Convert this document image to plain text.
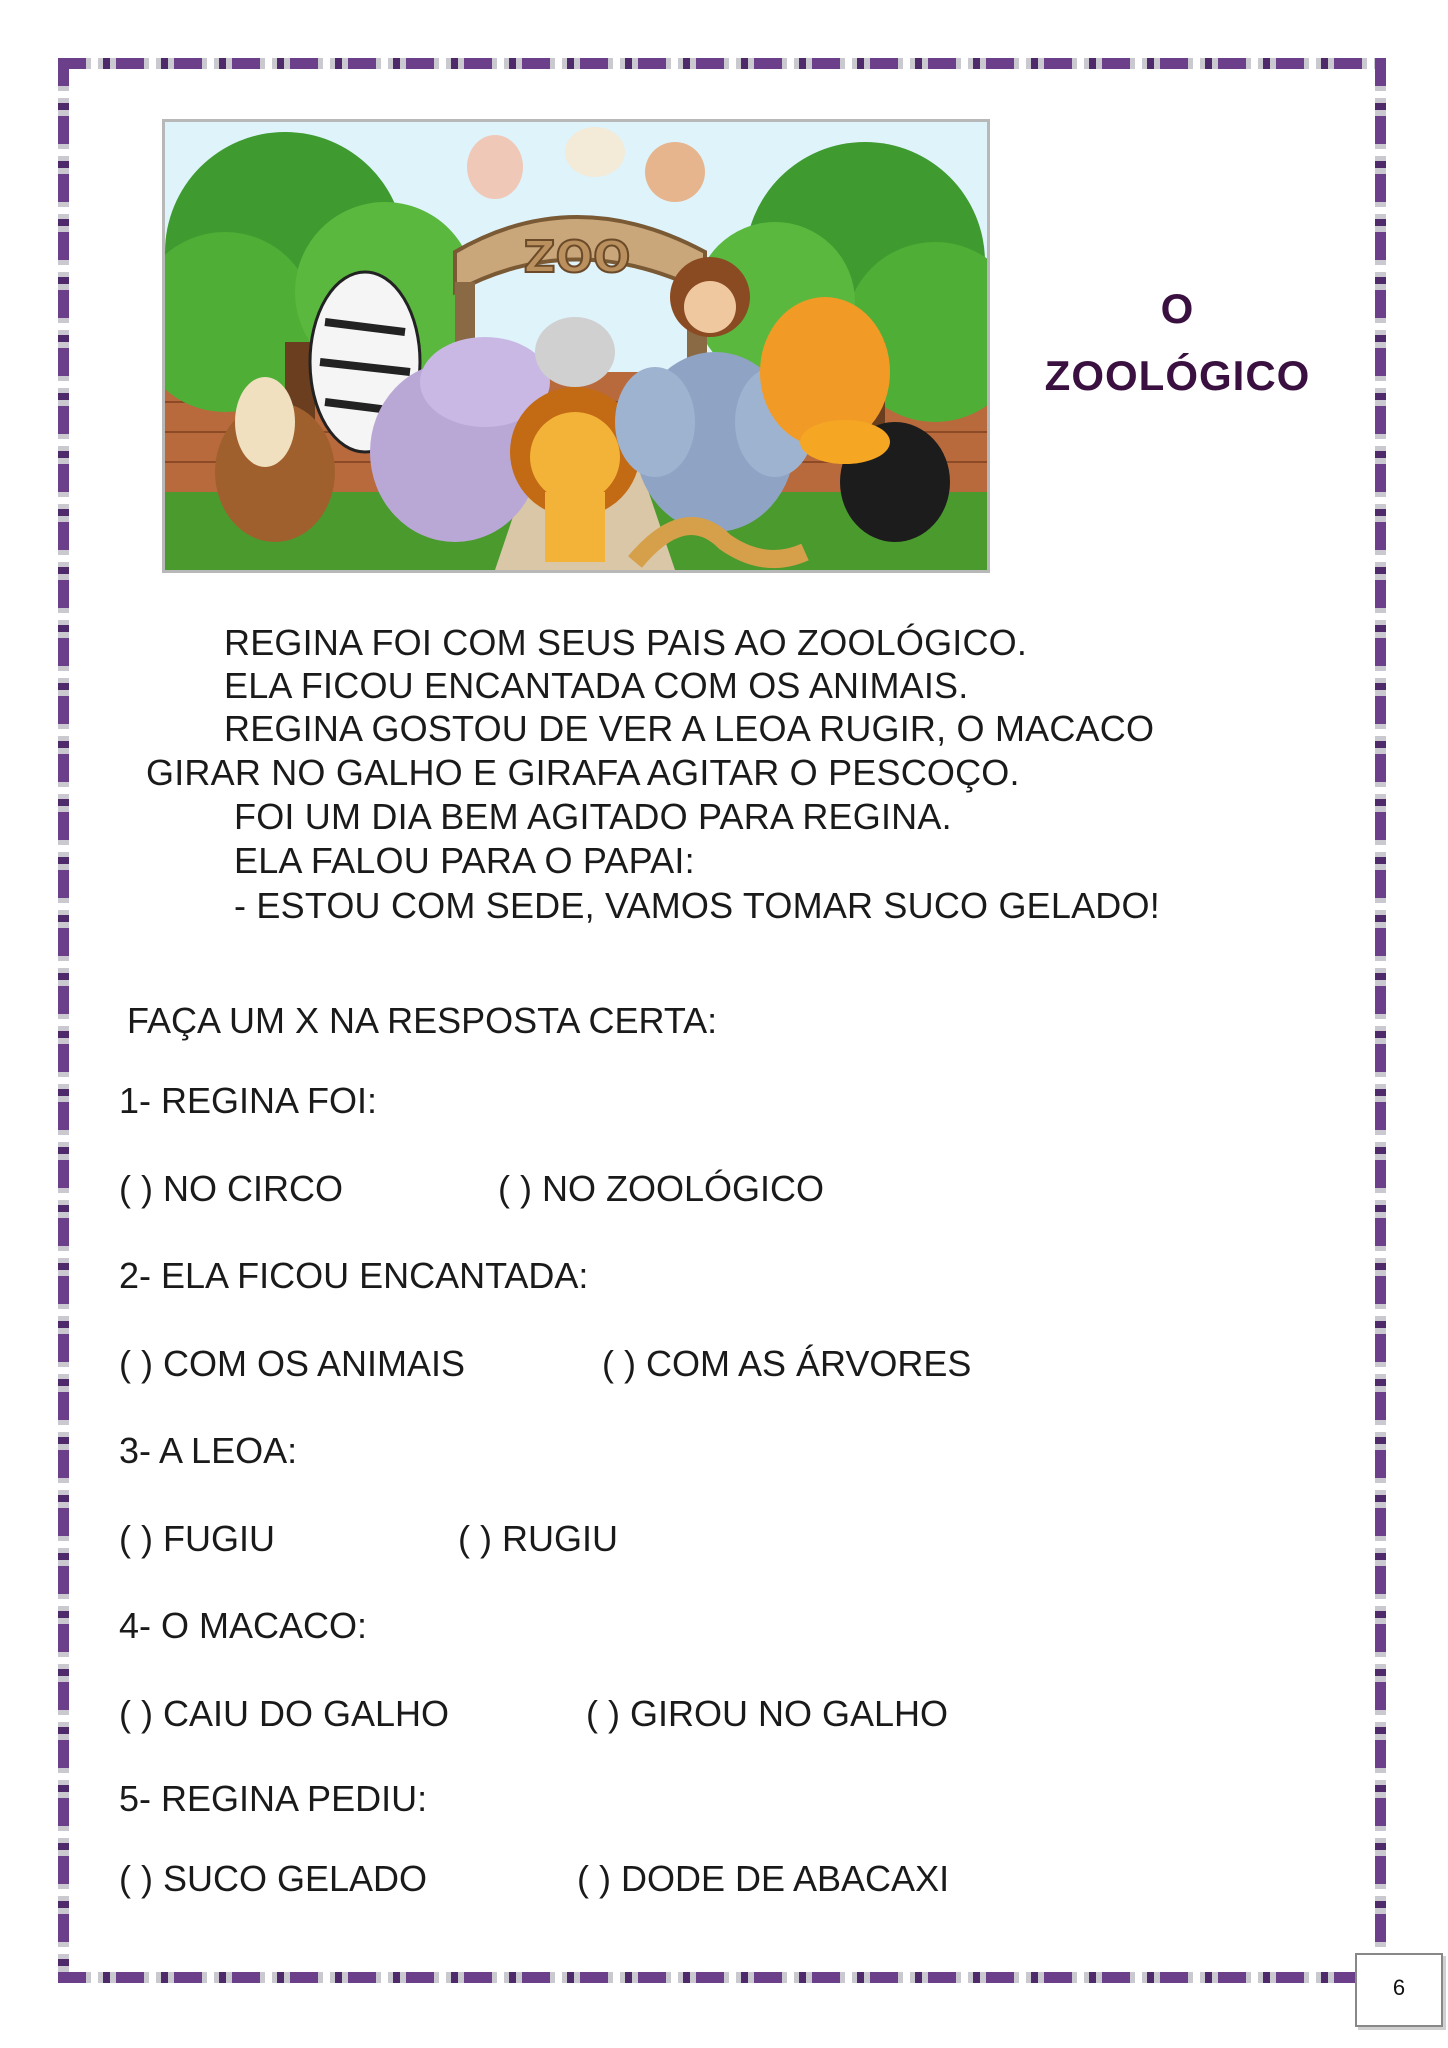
ZOO
O
ZOOLÓGICO
REGINA FOI COM SEUS PAIS AO ZOOLÓGICO.
ELA FICOU ENCANTADA COM OS ANIMAIS.
REGINA GOSTOU DE VER A LEOA RUGIR, O MACACO
GIRAR NO GALHO E GIRAFA AGITAR O PESCOÇO.
FOI UM DIA BEM AGITADO PARA REGINA.
ELA FALOU PARA O PAPAI:
- ESTOU COM SEDE, VAMOS TOMAR SUCO GELADO!
FAÇA UM X NA RESPOSTA CERTA:
1- REGINA FOI:
( ) NO CIRCO	( ) NO ZOOLÓGICO
2- ELA FICOU ENCANTADA:
( ) COM OS ANIMAIS	( ) COM AS ÁRVORES
3- A LEOA:
( ) FUGIU	( ) RUGIU
4- O MACACO:
( ) CAIU DO GALHO	( ) GIROU NO GALHO
5- REGINA PEDIU:
( ) SUCO GELADO	( ) DODE DE ABACAXI
6
